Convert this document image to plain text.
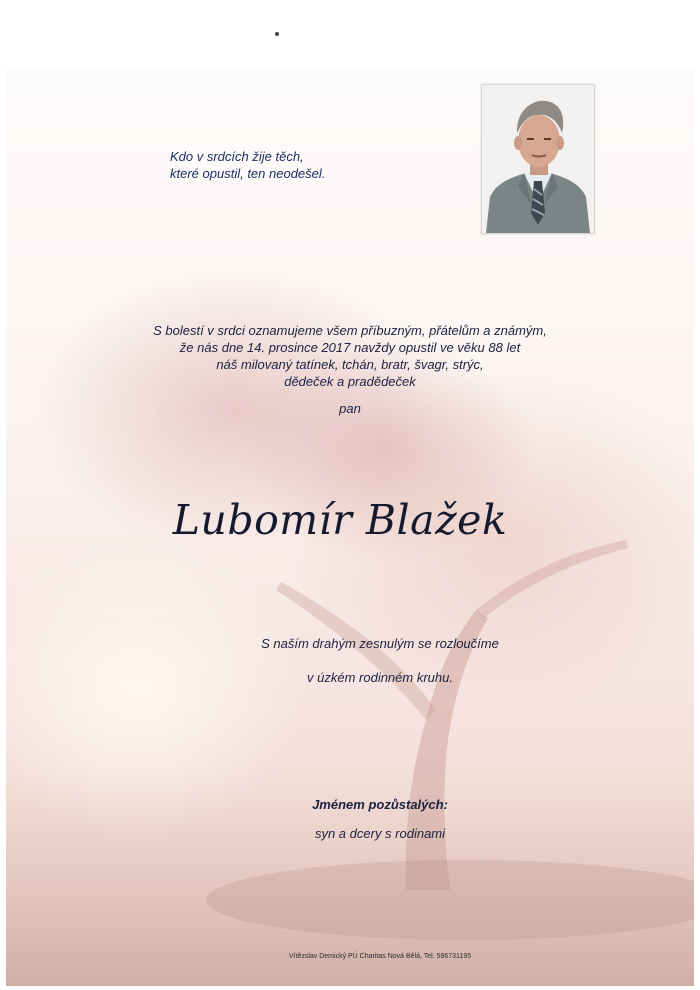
Kdo v srdcích žije těch,
které opustil, ten neodešel.
S bolestí v srdci oznamujeme všem příbuzným, přátelům a známým,
že nás dne 14. prosince 2017 navždy opustil ve věku 88 let
náš milovaný tatínek, tchán, bratr, švagr, strýc,
dědeček a pradědeček
pan
Lubomír Blažek
S naším drahým zesnulým se rozloučíme
v úzkém rodinném kruhu.
Jménem pozůstalých:
syn a dcery s rodinami
Vítězslav Demický PÚ Charitas Nová Bělá, Tel. 596731195
